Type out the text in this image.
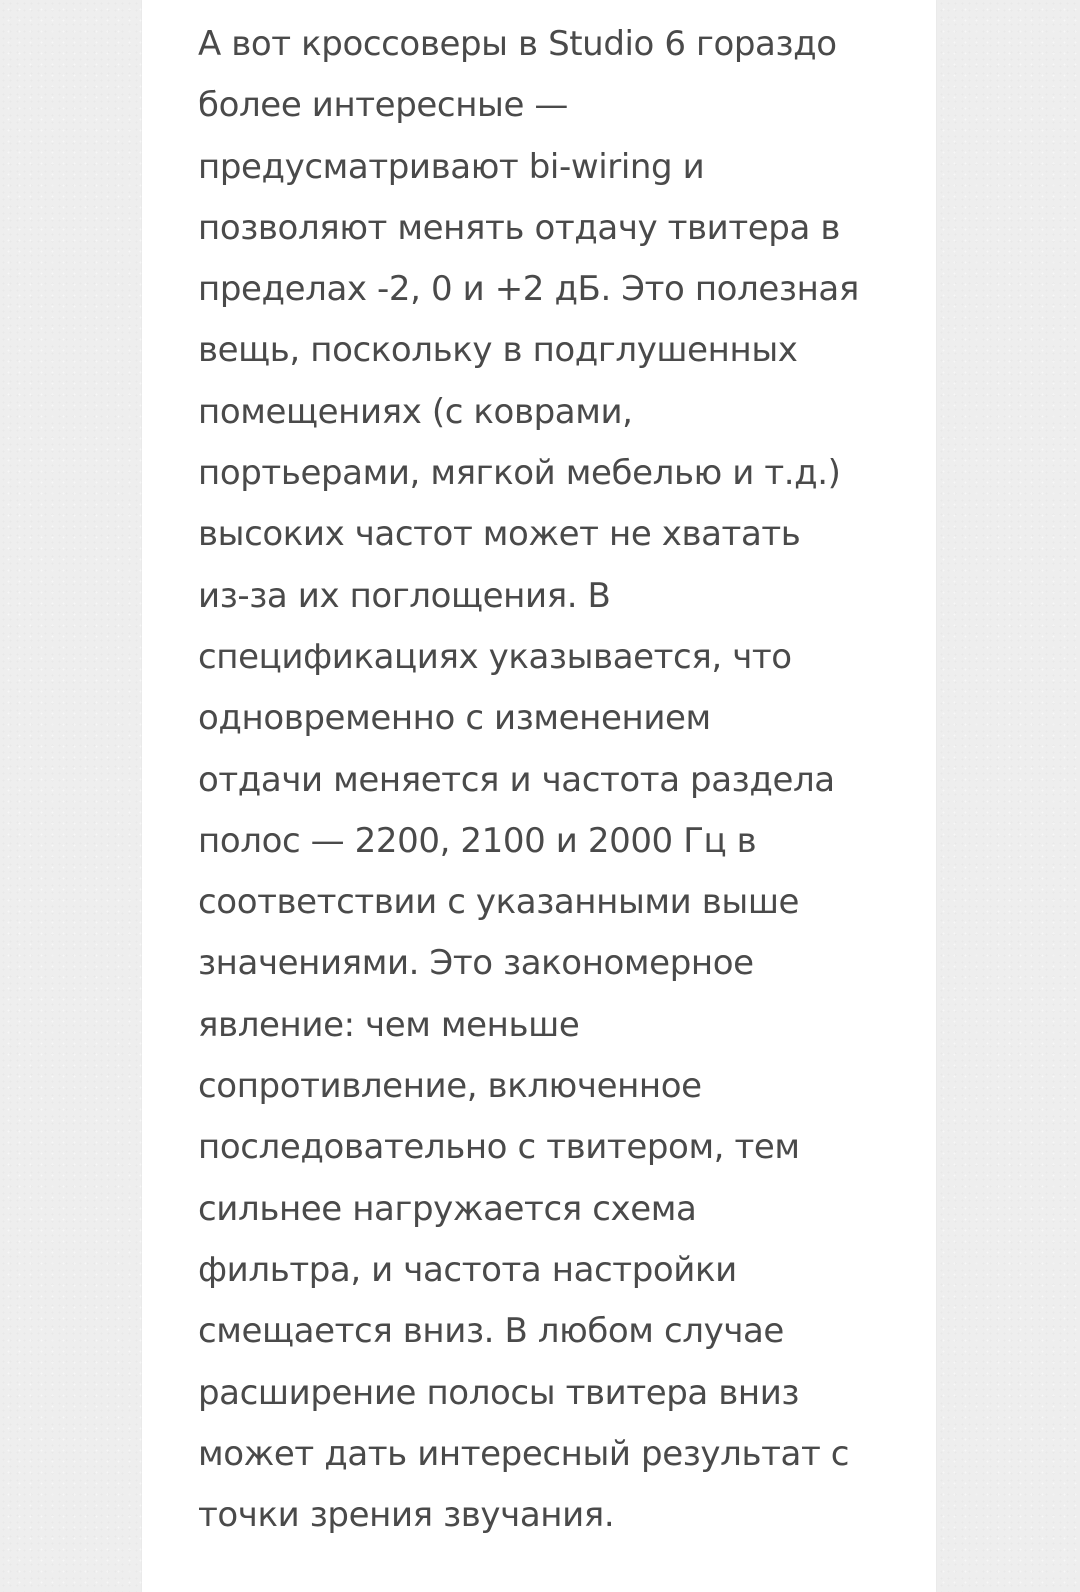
А вот кроссоверы в Studio 6 гораздо
более интересные —
предусматривают bi-wiring и
позволяют менять отдачу твитера в
пределах -2, 0 и +2 дБ. Это полезная
вещь, поскольку в подглушенных
помещениях (с коврами,
портьерами, мягкой мебелью и т.д.)
высоких частот может не хватать
из-за их поглощения. В
спецификациях указывается, что
одновременно с изменением
отдачи меняется и частота раздела
полос — 2200, 2100 и 2000 Гц в
соответствии с указанными выше
значениями. Это закономерное
явление: чем меньше
сопротивление, включенное
последовательно с твитером, тем
сильнее нагружается схема
фильтра, и частота настройки
смещается вниз. В любом случае
расширение полосы твитера вниз
может дать интересный результат с
точки зрения звучания.
